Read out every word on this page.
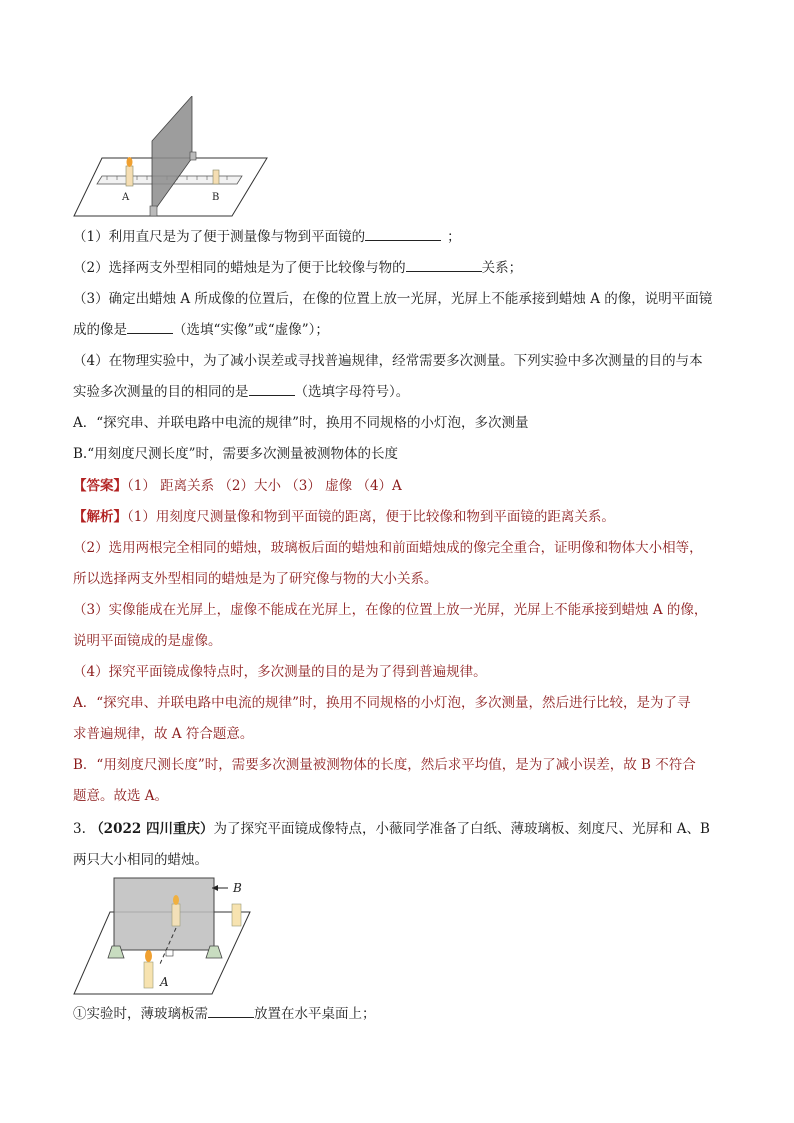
A	B
（1）利用直尺是为了便于测量像与物到平面镜的	；
（2）选择两支外型相同的蜡烛是为了便于比较像与物的	关系；
（3）确定出蜡烛 A 所成像的位置后，在像的位置上放一光屏，光屏上不能承接到蜡烛 A 的像，说明平面镜
成的像是	（选填“实像”或“虚像”）；
（4）在物理实验中，为了减小误差或寻找普遍规律，经常需要多次测量。下列实验中多次测量的目的与本
实验多次测量的目的相同的是	（选填字母符号）。
A．“探究串、并联电路中电流的规律”时，换用不同规格的小灯泡，多次测量
B.“用刻度尺测长度”时，需要多次测量被测物体的长度
【答案】（1） 距离关系 （2）大小 （3） 虚像 （4）A
【解析】（1）用刻度尺测量像和物到平面镜的距离，便于比较像和物到平面镜的距离关系。
（2）选用两根完全相同的蜡烛，玻璃板后面的蜡烛和前面蜡烛成的像完全重合，证明像和物体大小相等，
所以选择两支外型相同的蜡烛是为了研究像与物的大小关系。
（3）实像能成在光屏上，虚像不能成在光屏上，在像的位置上放一光屏，光屏上不能承接到蜡烛 A 的像，
说明平面镜成的是虚像。
（4）探究平面镜成像特点时，多次测量的目的是为了得到普遍规律。
A．“探究串、并联电路中电流的规律”时，换用不同规格的小灯泡，多次测量，然后进行比较，是为了寻
求普遍规律，故 A 符合题意。
B．“用刻度尺测长度”时，需要多次测量被测物体的长度，然后求平均值，是为了减小误差，故 B 不符合
题意。故选 A。
3. （2022 四川重庆）为了探究平面镜成像特点，小薇同学准备了白纸、薄玻璃板、刻度尺、光屏和 A、B
两只大小相同的蜡烛。
B
A
①实验时，薄玻璃板需	放置在水平桌面上；
